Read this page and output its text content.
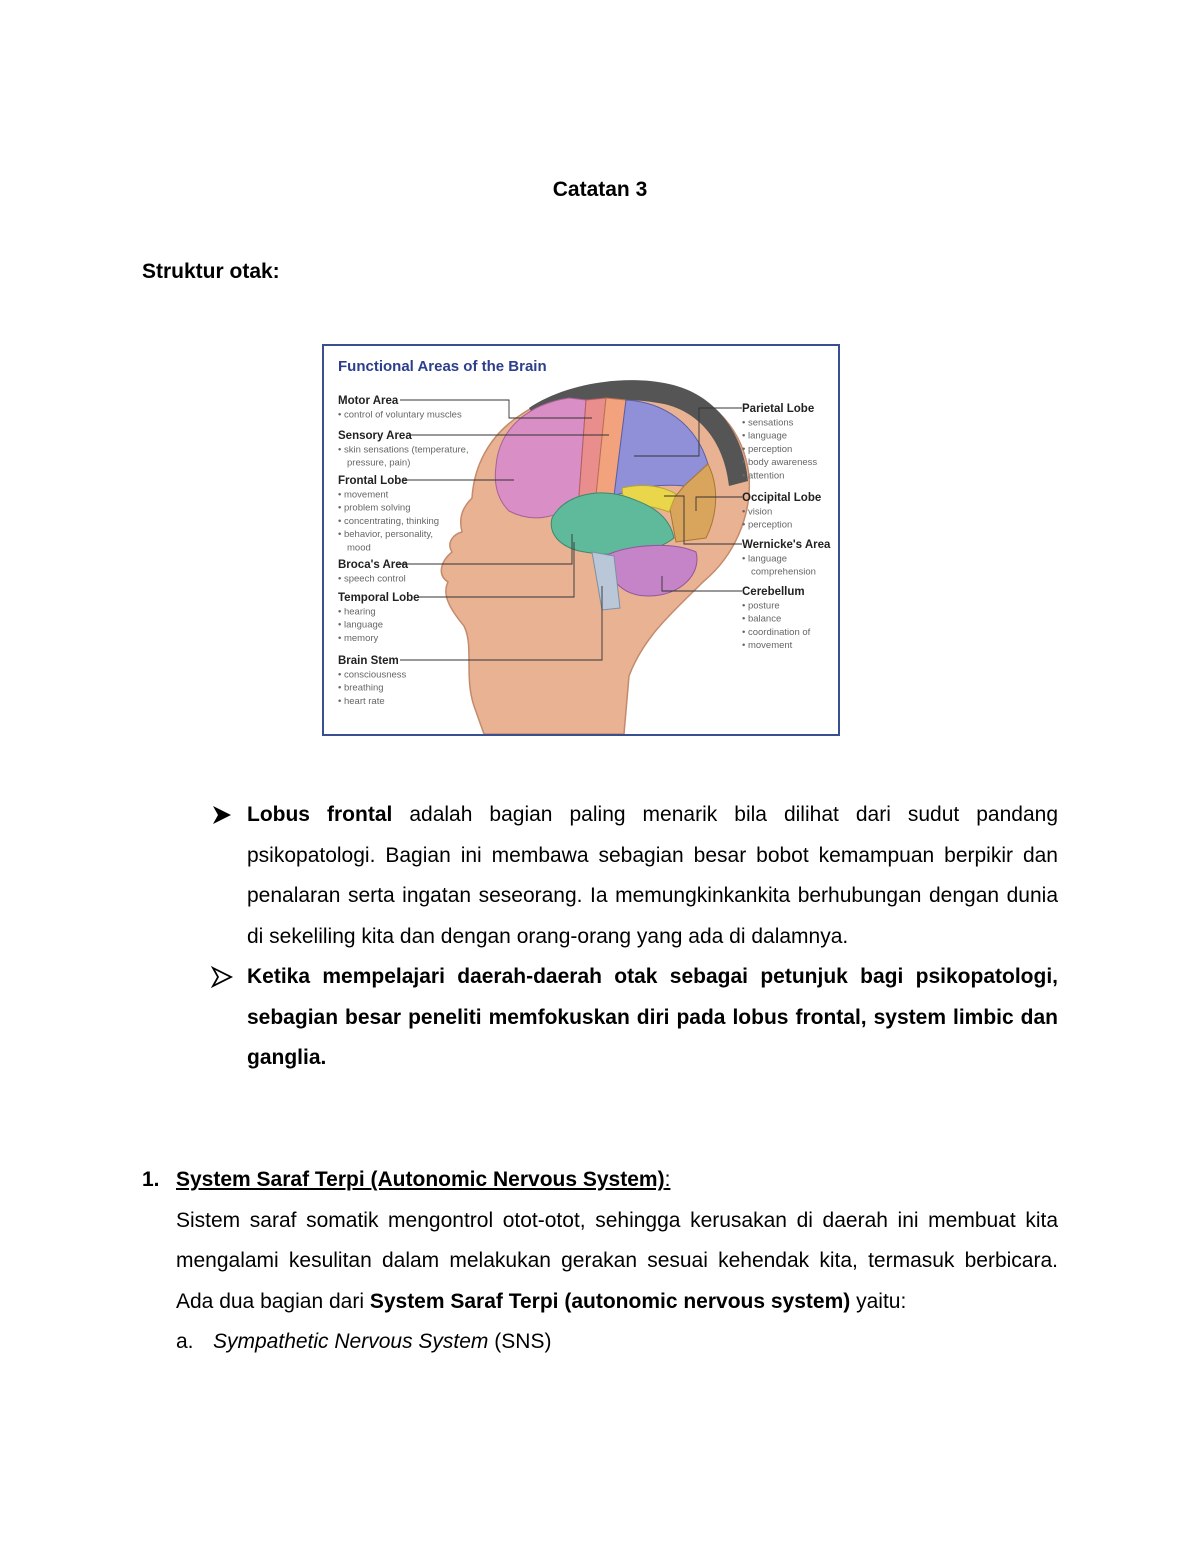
Catatan 3
Struktur otak:
Functional Areas of the Brain
Motor Area
• control of voluntary muscles
Sensory Area
• skin sensations (temperature,
pressure, pain)
Frontal Lobe
• movement
• problem solving
• concentrating, thinking
• behavior, personality,
mood
Broca's Area
• speech control
Temporal Lobe
• hearing
• language
• memory
Brain Stem
• consciousness
• breathing
• heart rate
Parietal Lobe
• sensations
• language
• perception
• body awareness
• attention
Occipital Lobe
• vision
• perception
Wernicke's Area
• language
comprehension
Cerebellum
• posture
• balance
• coordination of
• movement
Lobus frontal adalah bagian paling menarik bila dilihat dari sudut pandang psikopatologi. Bagian ini membawa sebagian besar bobot kemampuan berpikir dan penalaran serta ingatan seseorang. Ia memungkinkankita berhubungan dengan dunia di sekeliling kita dan dengan orang-orang yang ada di dalamnya.
Ketika mempelajari daerah-daerah otak sebagai petunjuk bagi psikopatologi, sebagian besar peneliti memfokuskan diri pada lobus frontal, system limbic dan ganglia.
1. System Saraf Terpi (Autonomic Nervous System):
Sistem saraf somatik mengontrol otot-otot, sehingga kerusakan di daerah ini membuat kita mengalami kesulitan dalam melakukan gerakan sesuai kehendak kita, termasuk berbicara. Ada dua bagian dari System Saraf Terpi (autonomic nervous system) yaitu:
a. Sympathetic Nervous System (SNS)
